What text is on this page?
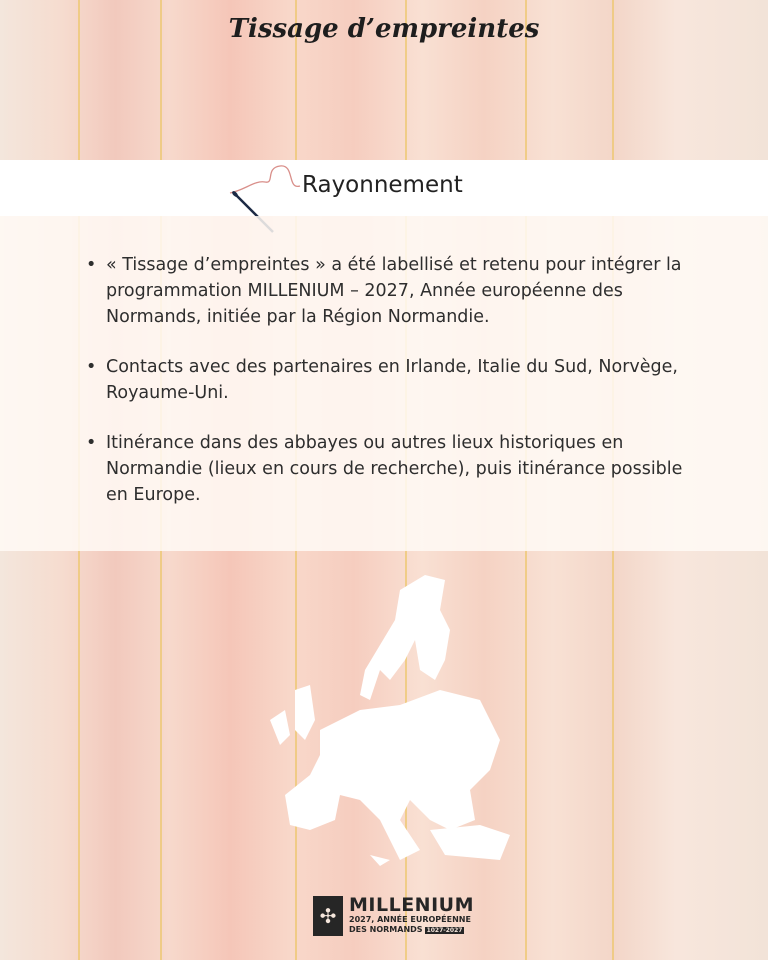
Tissage d’empreintes
Rayonnement
• « Tissage d’empreintes » a été labellisé et retenu pour intégrer la programmation MILLENIUM – 2027, Année européenne des Normands, initiée par la Région Normandie.
• Contacts avec des partenaires en Irlande, Italie du Sud, Norvège, Royaume-Uni.
• Itinérance dans des abbayes ou autres lieux historiques en Normandie (lieux en cours de recherche), puis itinérance possible en Europe.
✣ MILLENIUM
2027, ANNÉE EUROPÉENNE
DES NORMANDS 1027-2027
